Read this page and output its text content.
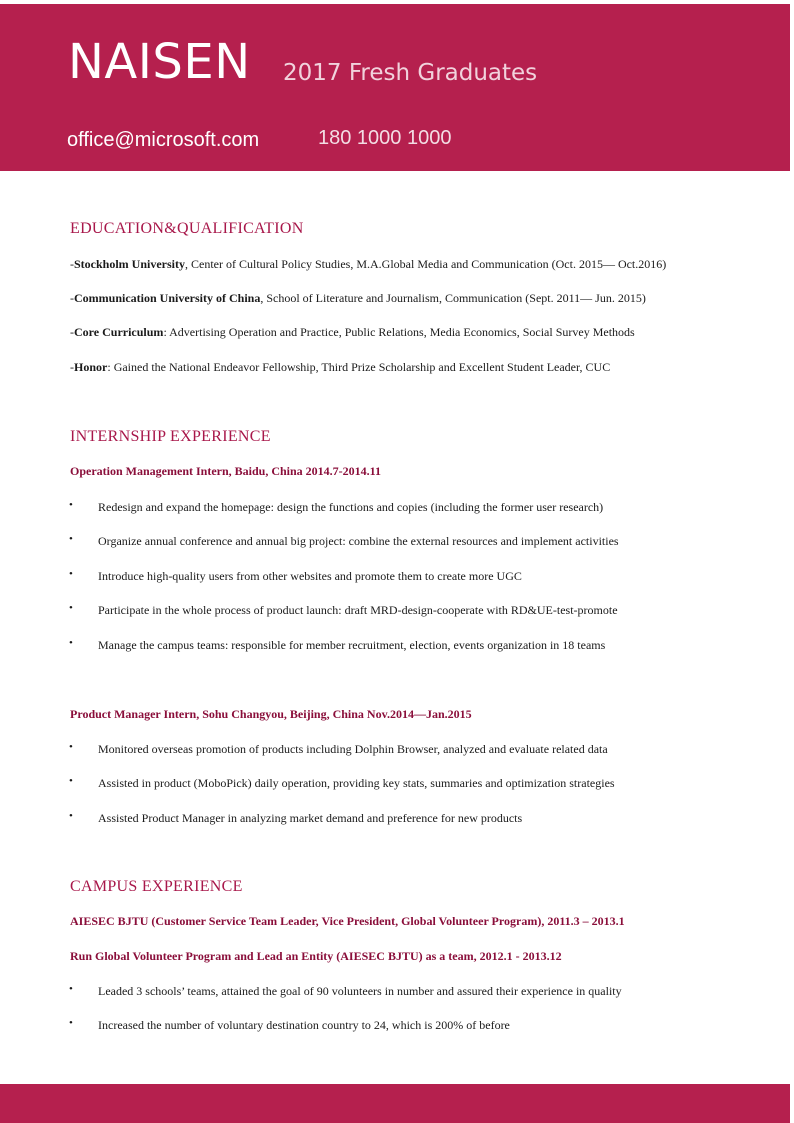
NAISEN 2017 Fresh Graduates
office@microsoft.com	180 1000 1000
EDUCATION&QUALIFICATION
-Stockholm University, Center of Cultural Policy Studies, M.A.Global Media and Communication (Oct. 2015— Oct.2016)
-Communication University of China, School of Literature and Journalism, Communication (Sept. 2011— Jun. 2015)
-Core Curriculum: Advertising Operation and Practice, Public Relations, Media Economics, Social Survey Methods
-Honor: Gained the National Endeavor Fellowship, Third Prize Scholarship and Excellent Student Leader, CUC
INTERNSHIP EXPERIENCE
Operation Management Intern, Baidu, China 2014.7-2014.11
• Redesign and expand the homepage: design the functions and copies (including the former user research)
• Organize annual conference and annual big project: combine the external resources and implement activities
• Introduce high-quality users from other websites and promote them to create more UGC
• Participate in the whole process of product launch: draft MRD-design-cooperate with RD&UE-test-promote
• Manage the campus teams: responsible for member recruitment, election, events organization in 18 teams
Product Manager Intern, Sohu Changyou, Beijing, China Nov.2014—Jan.2015
• Monitored overseas promotion of products including Dolphin Browser, analyzed and evaluate related data
• Assisted in product (MoboPick) daily operation, providing key stats, summaries and optimization strategies
• Assisted Product Manager in analyzing market demand and preference for new products
CAMPUS EXPERIENCE
AIESEC BJTU (Customer Service Team Leader, Vice President, Global Volunteer Program), 2011.3 – 2013.1
Run Global Volunteer Program and Lead an Entity (AIESEC BJTU) as a team, 2012.1 - 2013.12
• Leaded 3 schools’ teams, attained the goal of 90 volunteers in number and assured their experience in quality
• Increased the number of voluntary destination country to 24, which is 200% of before
